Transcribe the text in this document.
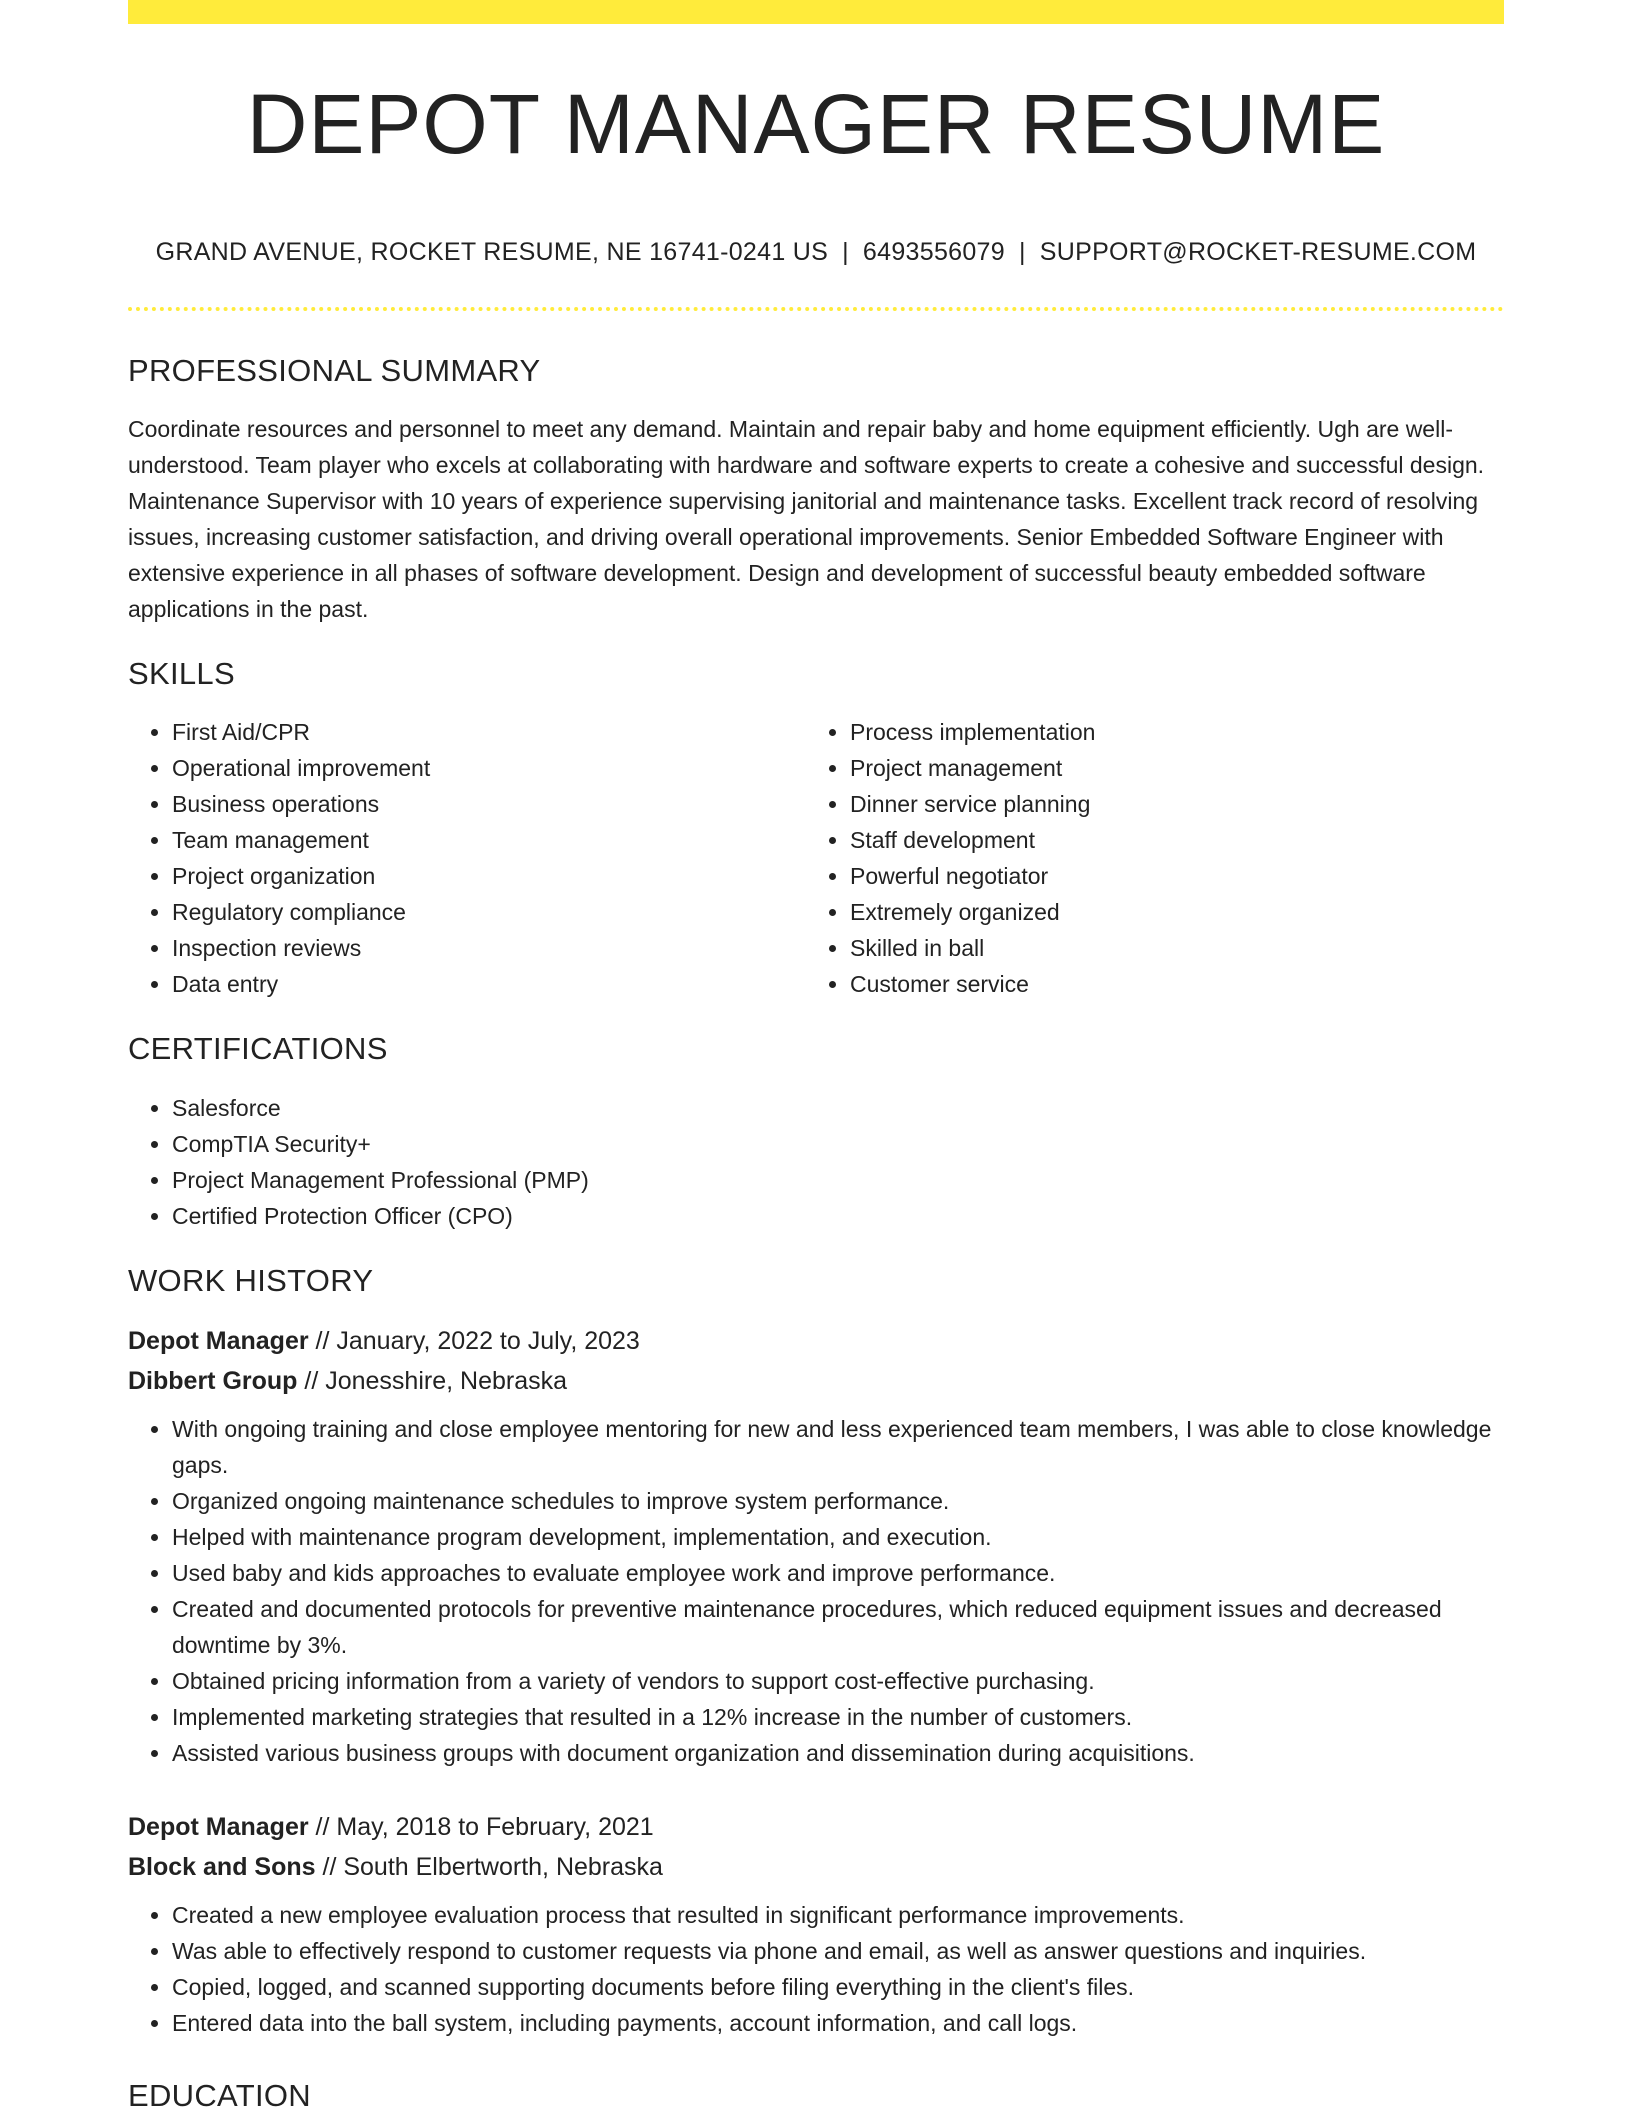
DEPOT MANAGER RESUME
GRAND AVENUE, ROCKET RESUME, NE 16741-0241 US | 6493556079 | SUPPORT@ROCKET-RESUME.COM
PROFESSIONAL SUMMARY

Coordinate resources and personnel to meet any demand. Maintain and repair baby and home equipment efficiently. Ugh are well-understood. Team player who excels at collaborating with hardware and software experts to create a cohesive and successful design. Maintenance Supervisor with 10 years of experience supervising janitorial and maintenance tasks. Excellent track record of resolving issues, increasing customer satisfaction, and driving overall operational improvements. Senior Embedded Software Engineer with extensive experience in all phases of software development. Design and development of successful beauty embedded software applications in the past.

SKILLS
• First Aid/CPR
• Operational improvement
• Business operations
• Team management
• Project organization
• Regulatory compliance
• Inspection reviews
• Data entry
• Process implementation
• Project management
• Dinner service planning
• Staff development
• Powerful negotiator
• Extremely organized
• Skilled in ball
• Customer service
CERTIFICATIONS
• Salesforce
• CompTIA Security+
• Project Management Professional (PMP)
• Certified Protection Officer (CPO)
WORK HISTORY
Depot Manager // January, 2022 to July, 2023
Dibbert Group // Jonesshire, Nebraska
• With ongoing training and close employee mentoring for new and less experienced team members, I was able to close knowledge gaps.
• Organized ongoing maintenance schedules to improve system performance.
• Helped with maintenance program development, implementation, and execution.
• Used baby and kids approaches to evaluate employee work and improve performance.
• Created and documented protocols for preventive maintenance procedures, which reduced equipment issues and decreased downtime by 3%.
• Obtained pricing information from a variety of vendors to support cost-effective purchasing.
• Implemented marketing strategies that resulted in a 12% increase in the number of customers.
• Assisted various business groups with document organization and dissemination during acquisitions.
Depot Manager // May, 2018 to February, 2021
Block and Sons // South Elbertworth, Nebraska
• Created a new employee evaluation process that resulted in significant performance improvements.
• Was able to effectively respond to customer requests via phone and email, as well as answer questions and inquiries.
• Copied, logged, and scanned supporting documents before filing everything in the client's files.
• Entered data into the ball system, including payments, account information, and call logs.
EDUCATION
